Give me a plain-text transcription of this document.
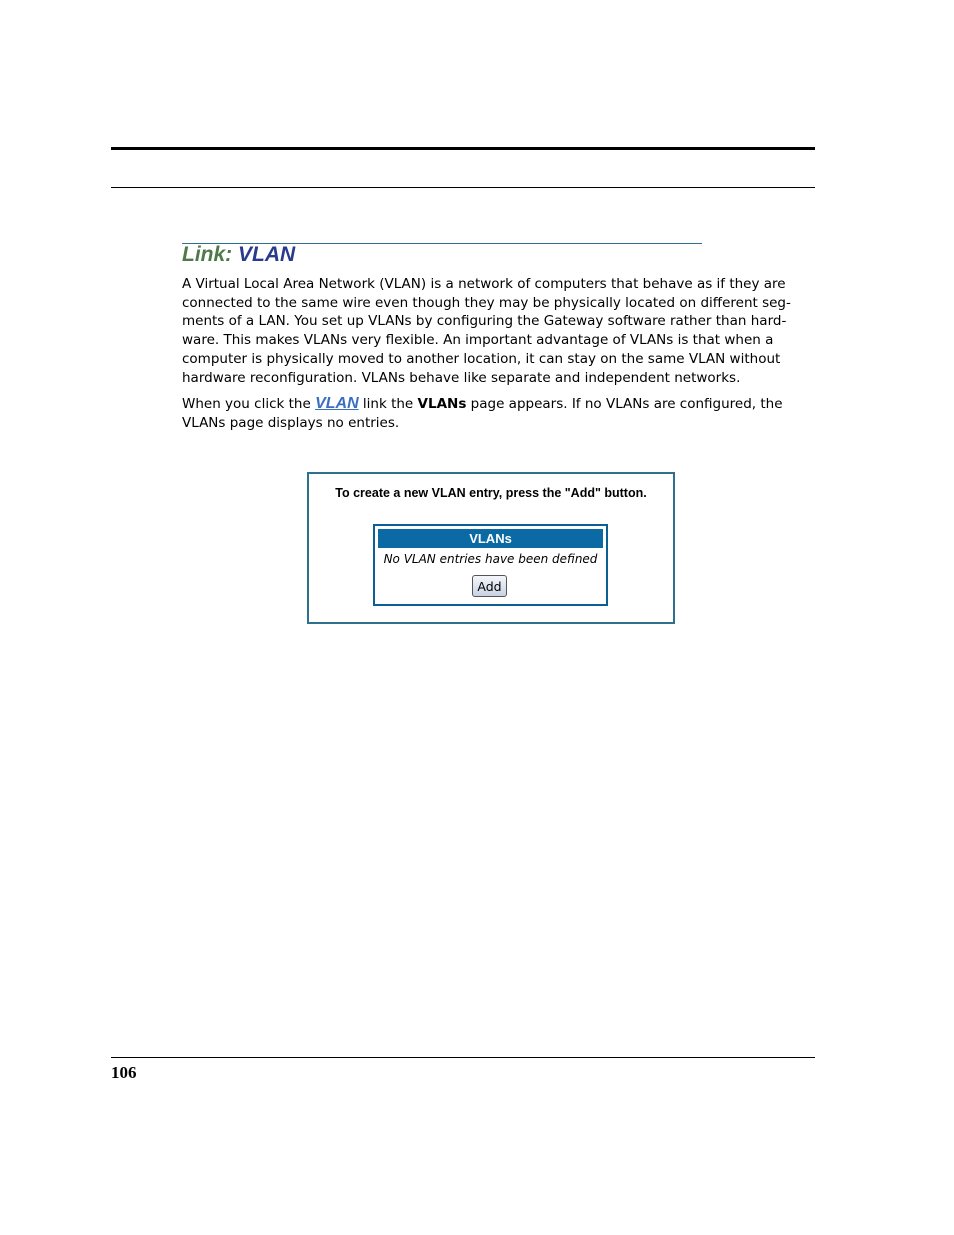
Link: VLAN
A Virtual Local Area Network (VLAN) is a network of computers that behave as if they are
connected to the same wire even though they may be physically located on different seg-
ments of a LAN. You set up VLANs by configuring the Gateway software rather than hard-
ware. This makes VLANs very flexible. An important advantage of VLANs is that when a
computer is physically moved to another location, it can stay on the same VLAN without
hardware reconfiguration. VLANs behave like separate and independent networks.
When you click the VLAN link the VLANs page appears. If no VLANs are configured, the
VLANs page displays no entries.
To create a new VLAN entry, press the "Add" button.
VLANs
No VLAN entries have been defined
Add
106
